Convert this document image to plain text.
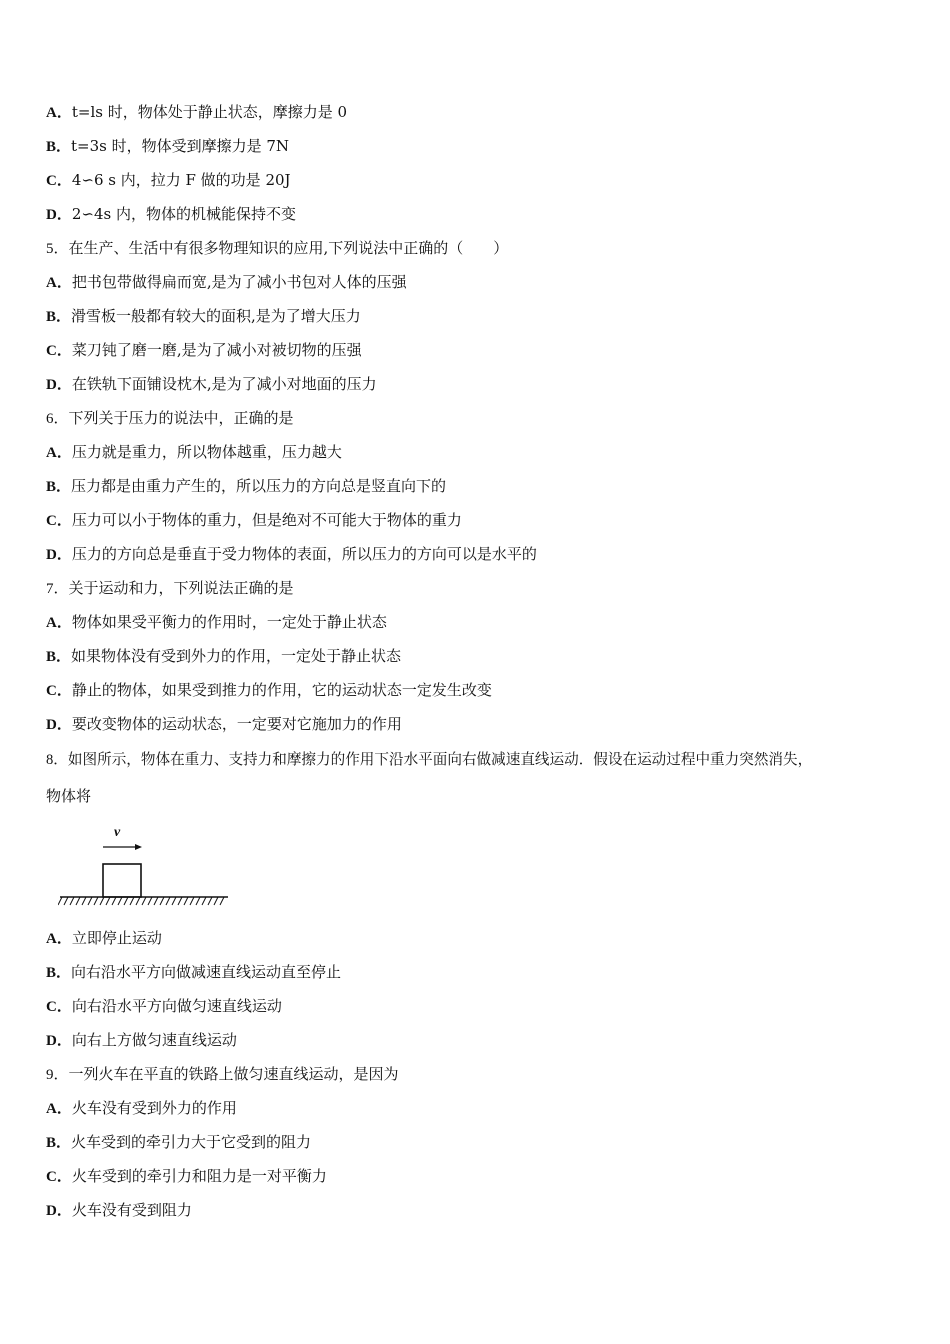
A．t=ls 时，物体处于静止状态，摩擦力是 0
B．t=3s 时，物体受到摩擦力是 7N
C．4∽6 s 内，拉力 F 做的功是 20J
D．2∽4s 内，物体的机械能保持不变
5．在生产、生活中有很多物理知识的应用,下列说法中正确的（　　）
A．把书包带做得扁而宽,是为了减小书包对人体的压强
B．滑雪板一般都有较大的面积,是为了增大压力
C．菜刀钝了磨一磨,是为了减小对被切物的压强
D．在铁轨下面铺设枕木,是为了减小对地面的压力
6．下列关于压力的说法中，正确的是
A．压力就是重力，所以物体越重，压力越大
B．压力都是由重力产生的，所以压力的方向总是竖直向下的
C．压力可以小于物体的重力，但是绝对不可能大于物体的重力
D．压力的方向总是垂直于受力物体的表面，所以压力的方向可以是水平的
7．关于运动和力，下列说法正确的是
A．物体如果受平衡力的作用时，一定处于静止状态
B．如果物体没有受到外力的作用，一定处于静止状态
C．静止的物体，如果受到推力的作用，它的运动状态一定发生改变
D．要改变物体的运动状态，一定要对它施加力的作用
8．如图所示，物体在重力、支持力和摩擦力的作用下沿水平面向右做减速直线运动．假设在运动过程中重力突然消失，
物体将
v
A．立即停止运动
B．向右沿水平方向做减速直线运动直至停止
C．向右沿水平方向做匀速直线运动
D．向右上方做匀速直线运动
9．一列火车在平直的铁路上做匀速直线运动，是因为
A．火车没有受到外力的作用
B．火车受到的牵引力大于它受到的阻力
C．火车受到的牵引力和阻力是一对平衡力
D．火车没有受到阻力
